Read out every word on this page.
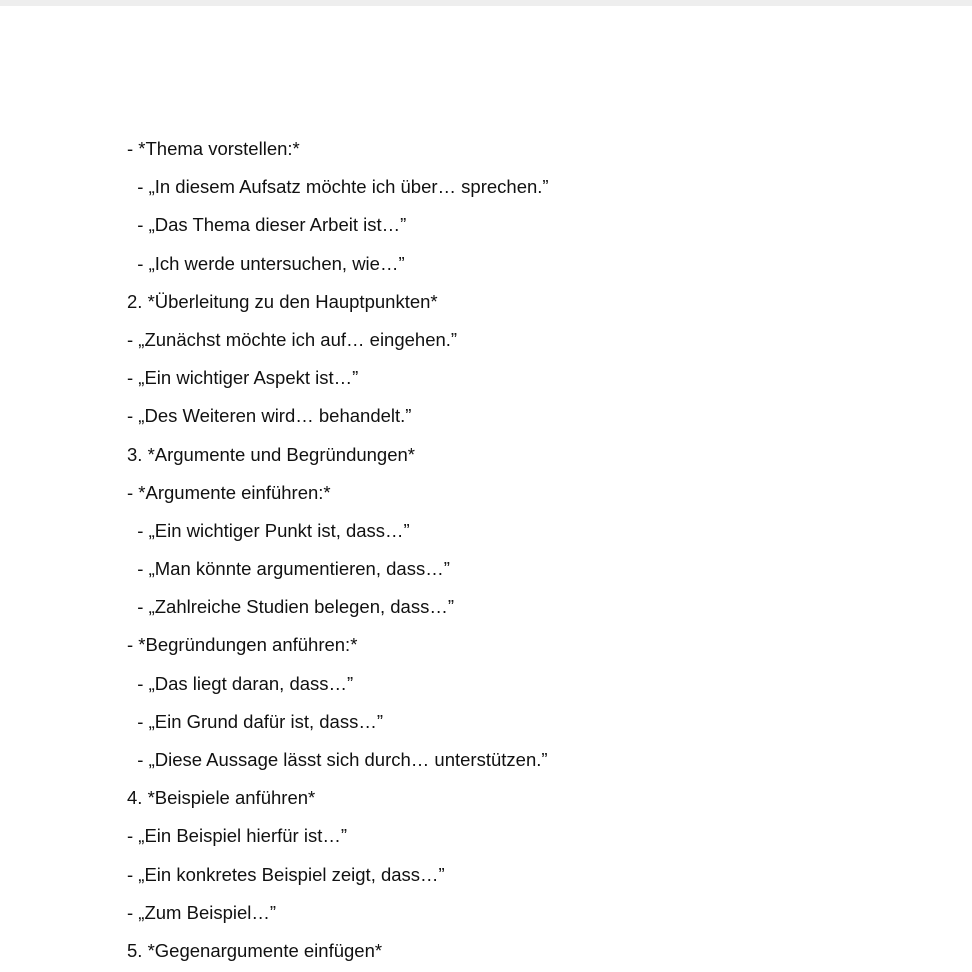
- *Thema vorstellen:*
- „In diesem Aufsatz möchte ich über… sprechen.”
- „Das Thema dieser Arbeit ist…”
- „Ich werde untersuchen, wie…”
2. *Überleitung zu den Hauptpunkten*
- „Zunächst möchte ich auf… eingehen.”
- „Ein wichtiger Aspekt ist…”
- „Des Weiteren wird… behandelt.”
3. *Argumente und Begründungen*
- *Argumente einführen:*
- „Ein wichtiger Punkt ist, dass…”
- „Man könnte argumentieren, dass…”
- „Zahlreiche Studien belegen, dass…”
- *Begründungen anführen:*
- „Das liegt daran, dass…”
- „Ein Grund dafür ist, dass…”
- „Diese Aussage lässt sich durch… unterstützen.”
4. *Beispiele anführen*
- „Ein Beispiel hierfür ist…”
- „Ein konkretes Beispiel zeigt, dass…”
- „Zum Beispiel…”
5. *Gegenargumente einfügen*
